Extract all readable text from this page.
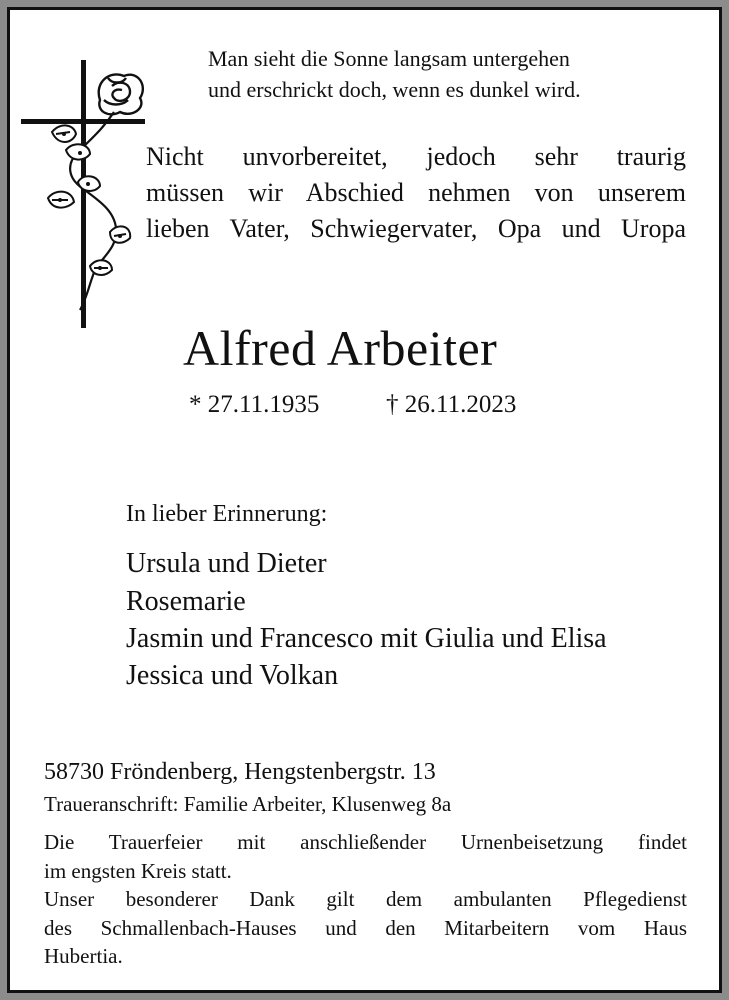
Man sieht die Sonne langsam untergehen
und erschrickt doch, wenn es dunkel wird.
Nicht unvorbereitet, jedoch sehr traurig
müssen wir Abschied nehmen von unserem
lieben Vater, Schwiegervater, Opa und Uropa
Alfred Arbeiter
* 27.11.1935	† 26.11.2023
In lieber Erinnerung:
Ursula und Dieter
Rosemarie
Jasmin und Francesco mit Giulia und Elisa
Jessica und Volkan
58730 Fröndenberg, Hengstenbergstr. 13
Traueranschrift: Familie Arbeiter, Klusenweg 8a
Die Trauerfeier mit anschließender Urnenbeisetzung findet
im engsten Kreis statt.
Unser besonderer Dank gilt dem ambulanten Pflegedienst
des Schmallenbach-Hauses und den Mitarbeitern vom Haus
Hubertia.
